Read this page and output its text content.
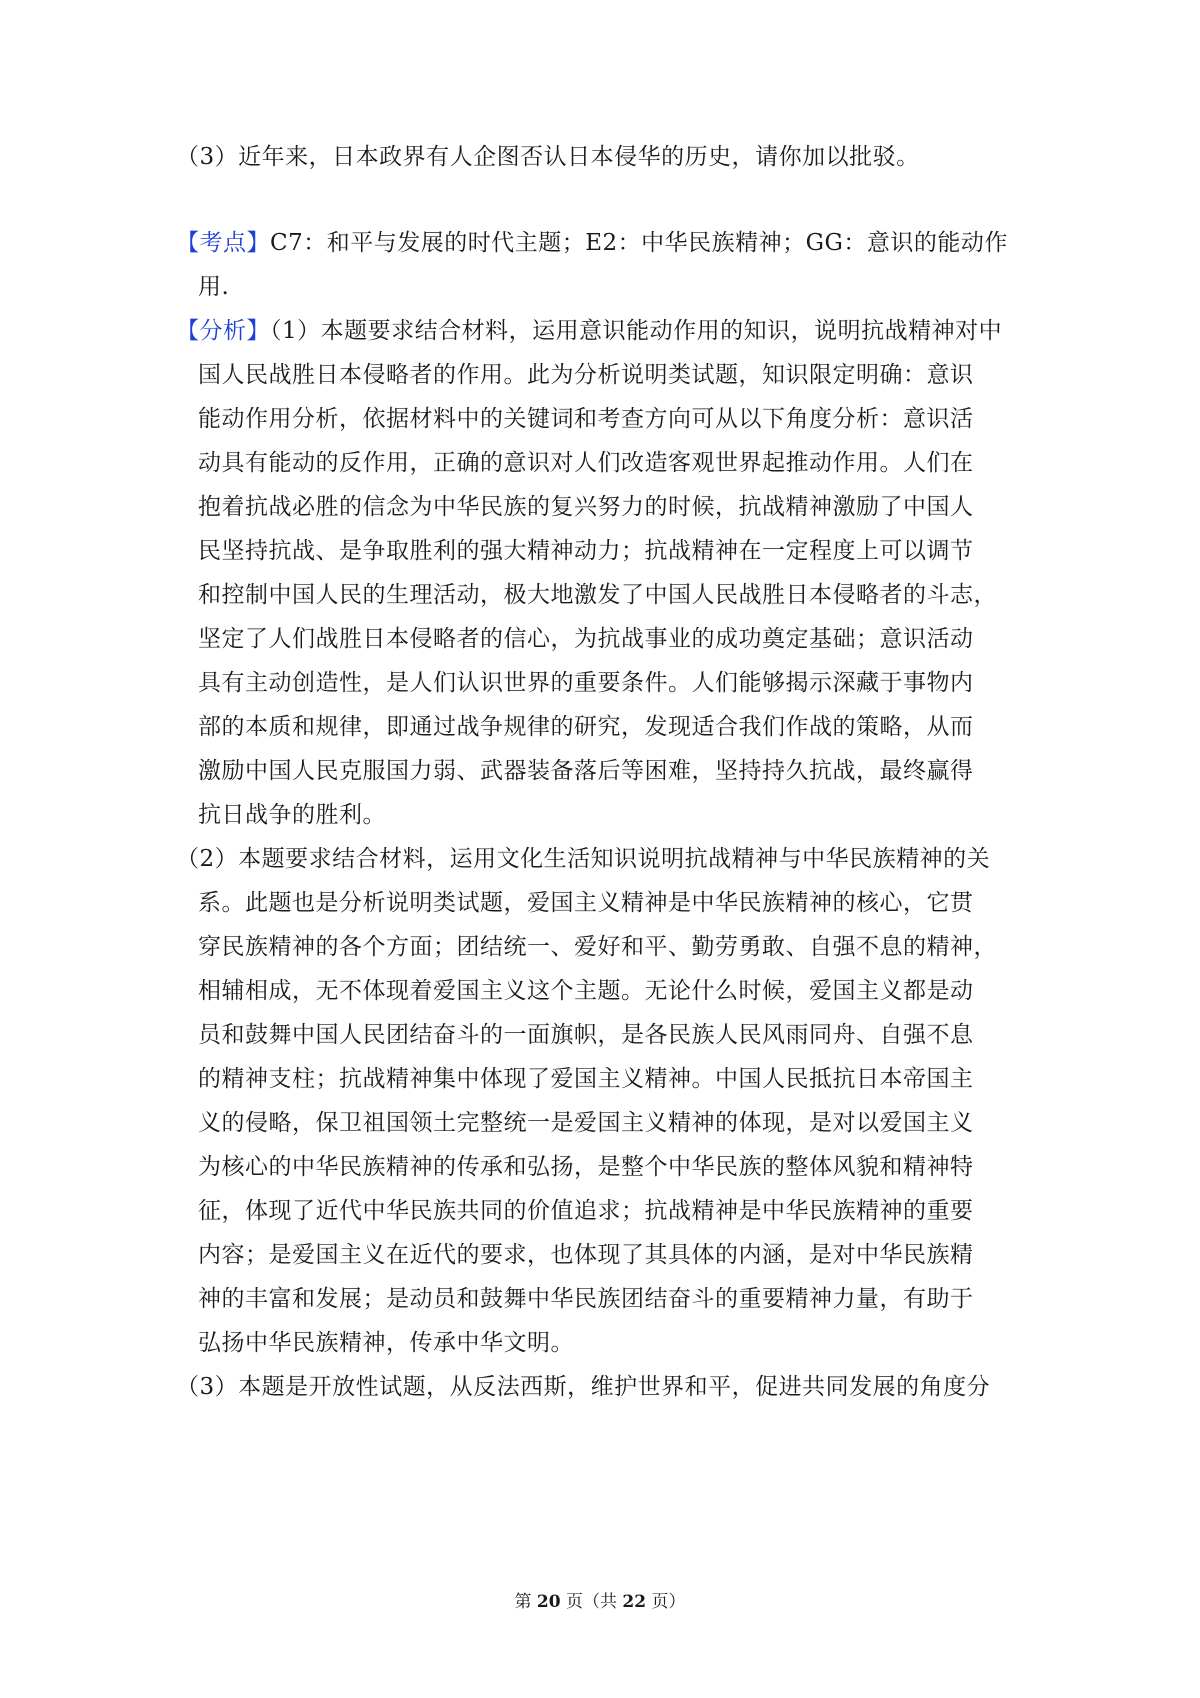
（3）近年来，日本政界有人企图否认日本侵华的历史，请你加以批驳。
【考点】C7：和平与发展的时代主题；E2：中华民族精神；GG：意识的能动作
用.
【分析】（1）本题要求结合材料，运用意识能动作用的知识，说明抗战精神对中
国人民战胜日本侵略者的作用。此为分析说明类试题，知识限定明确：意识
能动作用分析，依据材料中的关键词和考查方向可从以下角度分析：意识活
动具有能动的反作用，正确的意识对人们改造客观世界起推动作用。人们在
抱着抗战必胜的信念为中华民族的复兴努力的时候，抗战精神激励了中国人
民坚持抗战、是争取胜利的强大精神动力；抗战精神在一定程度上可以调节
和控制中国人民的生理活动，极大地激发了中国人民战胜日本侵略者的斗志，
坚定了人们战胜日本侵略者的信心，为抗战事业的成功奠定基础；意识活动
具有主动创造性，是人们认识世界的重要条件。人们能够揭示深藏于事物内
部的本质和规律，即通过战争规律的研究，发现适合我们作战的策略，从而
激励中国人民克服国力弱、武器装备落后等困难，坚持持久抗战，最终赢得
抗日战争的胜利。
（2）本题要求结合材料，运用文化生活知识说明抗战精神与中华民族精神的关
系。此题也是分析说明类试题，爱国主义精神是中华民族精神的核心，它贯
穿民族精神的各个方面；团结统一、爱好和平、勤劳勇敢、自强不息的精神，
相辅相成，无不体现着爱国主义这个主题。无论什么时候，爱国主义都是动
员和鼓舞中国人民团结奋斗的一面旗帜，是各民族人民风雨同舟、自强不息
的精神支柱；抗战精神集中体现了爱国主义精神。中国人民抵抗日本帝国主
义的侵略，保卫祖国领土完整统一是爱国主义精神的体现，是对以爱国主义
为核心的中华民族精神的传承和弘扬，是整个中华民族的整体风貌和精神特
征，体现了近代中华民族共同的价值追求；抗战精神是中华民族精神的重要
内容；是爱国主义在近代的要求，也体现了其具体的内涵，是对中华民族精
神的丰富和发展；是动员和鼓舞中华民族团结奋斗的重要精神力量，有助于
弘扬中华民族精神，传承中华文明。
（3）本题是开放性试题，从反法西斯，维护世界和平，促进共同发展的角度分
第 20 页（共 22 页）
